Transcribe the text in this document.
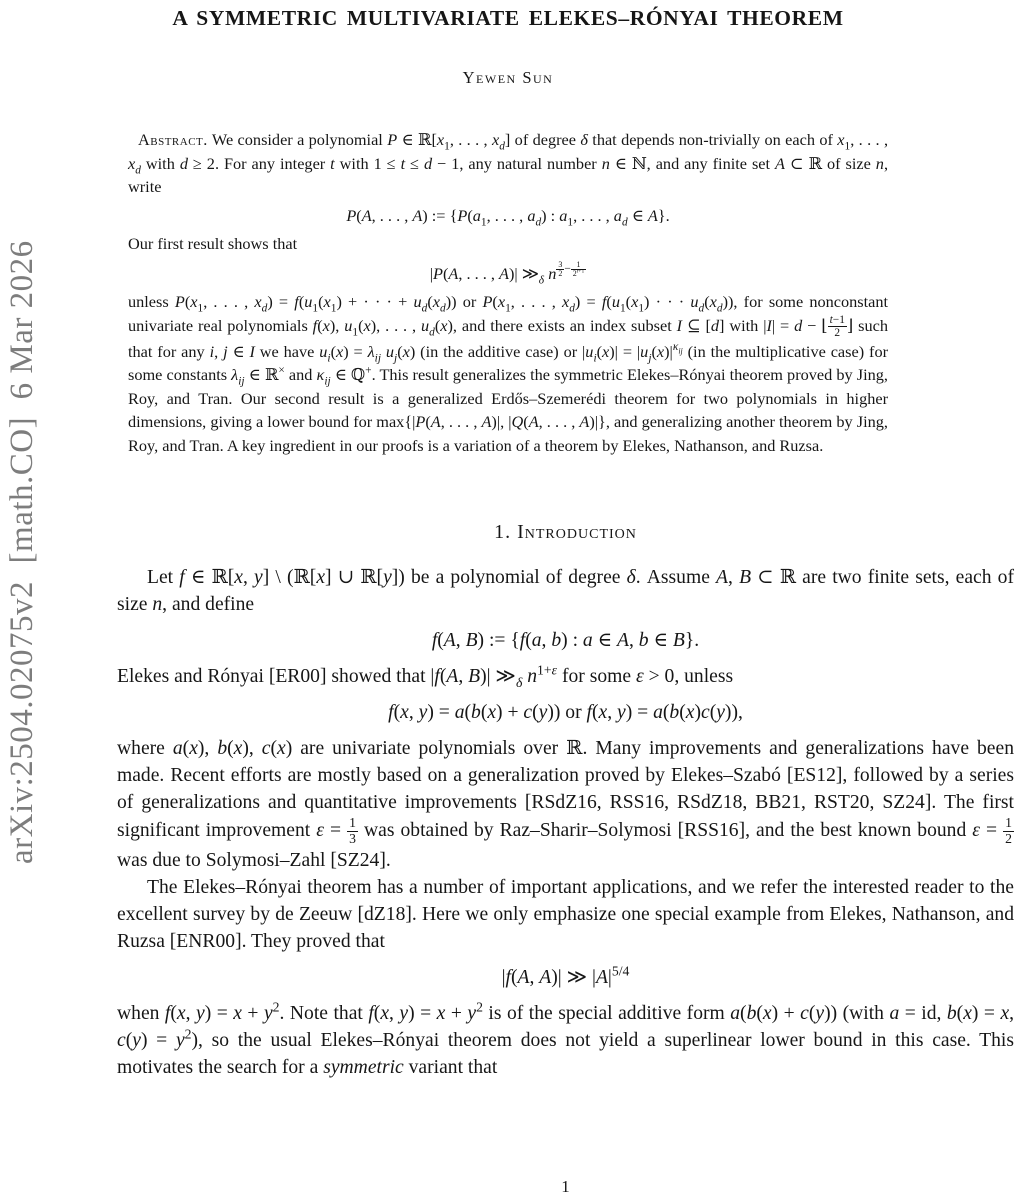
arXiv:2504.02075v2  [math.CO]  6 Mar 2026
A SYMMETRIC MULTIVARIATE ELEKES–RÓNYAI THEOREM
Yewen Sun
Abstract. We consider a polynomial P ∈ $ℝ[x_1$, . . . , $x_d$] of degree δ that depends non-trivially on each of $x_1$, . . . , $x_d$ with d ≥ 2. For any integer t with 1 ≤ t ≤ d − 1, any natural number n ∈ ℕ, and any finite set A ⊂ ℝ of size n, write
P(A, . . . , A) := {$P(a_1$, . . . , $a_d$) : $a_1$, . . . , $a_d$ ∈ A}.
Our first result shows that
|P(A, . . . , A)| $≫_\delta$ n $^{\frac{3}{2} - \frac{1}{2^{t+1}}}$
unless $P(x_1$, . . . , $x_d) = f(u_1(x_1)$ + · · · + $u_d(x_d)$) or $P(x_1$, . . . , $x_d) = f(u_1(x_1)$ · · · $u_d(x_d)$), for some nonconstant univariate real polynomials f(x), $u_1(x)$, . . . , $u_d(x)$, and there exists an index subset I ⊆ [d] with |I| = d − ⌊ $\frac{t-1}{2}$ ⌋ such that for any i, j ∈ I we have $u_i(x) = \lambda_{ij}$ $u_j(x)$ (in the additive case) or $|u_i(x)| = |u_j(x)|^{\kappa_{ij}}$ (in the multiplicative case) for some constants $\lambda_{ij}$ ∈ ℝ× and $\kappa_{ij}$ ∈ ℚ+. This result generalizes the symmetric Elekes–Rónyai theorem proved by Jing, Roy, and Tran. Our second result is a generalized Erdős–Szemerédi theorem for two polynomials in higher dimensions, giving a lower bound for max{|P(A, . . . , A)|, |Q(A, . . . , A)|}, and generalizing another theorem by Jing, Roy, and Tran. A key ingredient in our proofs is a variation of a theorem by Elekes, Nathanson, and Ruzsa.
1. Introduction
Let f ∈ ℝ[x, y] \ (ℝ[x] ∪ ℝ[y]) be a polynomial of degree δ. Assume A, B ⊂ ℝ are two finite sets, each of size n, and define
f(A, B) := {f(a, b) : a ∈ A, b ∈ B}.
Elekes and Rónyai [ER00] showed that |f(A, B)| $≫_\delta$ $n^{1+\varepsilon}$ for some ε > 0, unless
f(x, y) = a(b(x) + c(y)) or f(x, y) = a(b(x)c(y)),
where a(x), b(x), c(x) are univariate polynomials over ℝ. Many improvements and generalizations have been made. Recent efforts are mostly based on a generalization proved by Elekes–Szabó [ES12], followed by a series of generalizations and quantitative improvements [RSdZ16, RSS16, RSdZ18, BB21, RST20, SZ24]. The first significant improvement $\varepsilon = \frac{1}{3}$ was obtained by Raz–Sharir–Solymosi [RSS16], and the best known bound $\varepsilon = \frac{1}{2}$
was due to Solymosi–Zahl [SZ24].
The Elekes–Rónyai theorem has a number of important applications, and we refer the interested reader to the excellent survey by de Zeeuw [dZ18]. Here we only emphasize one special example from Elekes, Nathanson, and Ruzsa [ENR00]. They proved that
|f(A, A)| ≫ $|A|^{5/4}$
when f(x, $y) = x + y^2$. Note that f(x, $y) = x + y^2$ is of the special additive form a(b(x) + c(y)) (with a = id, b(x) = x, $c(y) = y^2$), so the usual Elekes–Rónyai theorem does not yield a superlinear lower bound in this case. This motivates the search for a symmetric variant that
1
